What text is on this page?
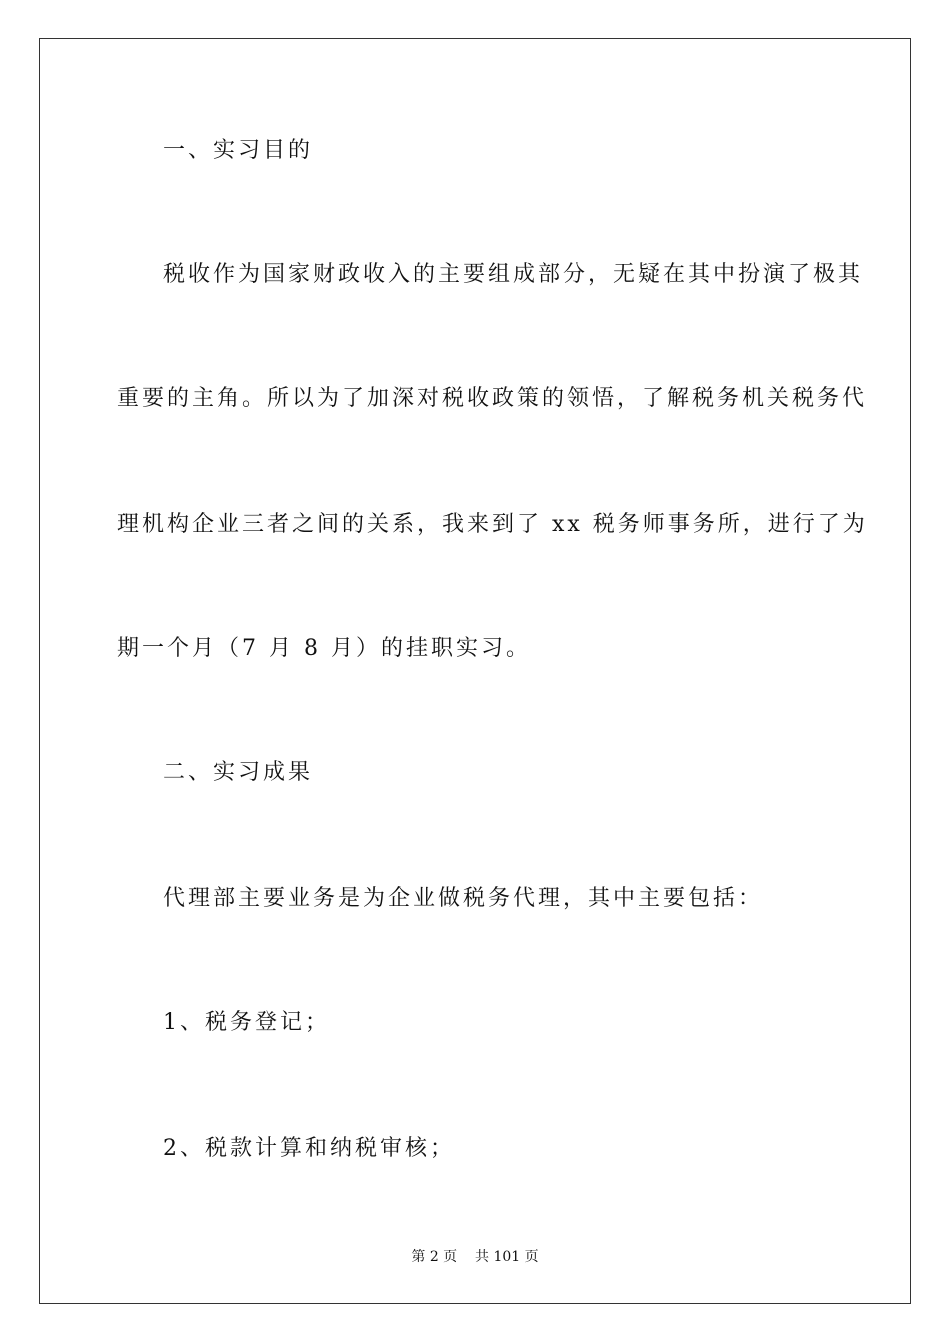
一、实习目的

税收作为国家财政收入的主要组成部分，无疑在其中扮演了极其

重要的主角。所以为了加深对税收政策的领悟，了解税务机关税务代

理机构企业三者之间的关系，我来到了 xx 税务师事务所，进行了为

期一个月（7 月 8 月）的挂职实习。

二、实习成果

代理部主要业务是为企业做税务代理，其中主要包括：

1、税务登记；

2、税款计算和纳税审核；

第 2 页 共 101 页
